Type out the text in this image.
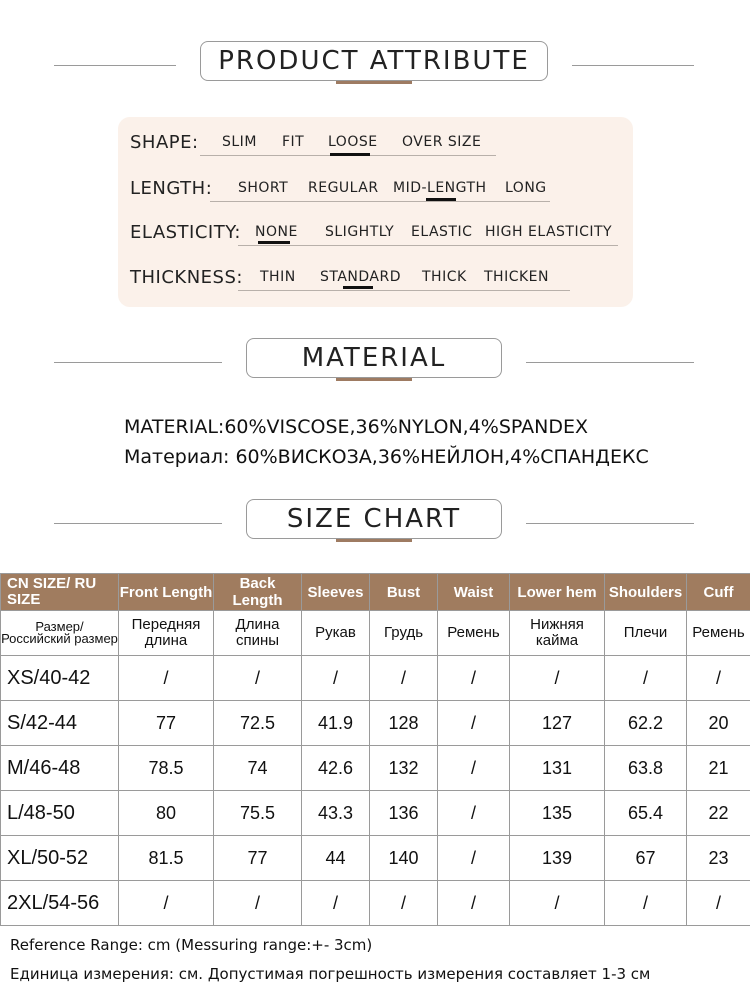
PRODUCT ATTRIBUTE
SHAPE: SLIM FIT LOOSE OVER SIZE
LENGTH: SHORT REGULAR MID-LENGTH LONG
ELASTICITY: NONE SLIGHTLY ELASTIC HIGH ELASTICITY
THICKNESS: THIN STANDARD THICK THICKEN
MATERIAL
MATERIAL:60%VISCOSE,36%NYLON,4%SPANDEX
Материал: 60%ВИСКОЗА,36%НЕЙЛОН,4%СПАНДЕКС
SIZE CHART
CN SIZE/ RU SIZE	Front Length	Back Length	Sleeves	Bust	Waist	Lower hem	Shoulders	Cuff
Размер/ Российский размер	Передняя длина	Длина спины	Рукав	Грудь	Ремень	Нижняя кайма	Плечи	Ремень
XS/40-42	/	/	/	/	/	/	/	/
S/42-44	77	72.5	41.9	128	/	127	62.2	20
M/46-48	78.5	74	42.6	132	/	131	63.8	21
L/48-50	80	75.5	43.3	136	/	135	65.4	22
XL/50-52	81.5	77	44	140	/	139	67	23
2XL/54-56	/	/	/	/	/	/	/	/
Reference Range: cm (Messuring range:+- 3cm)
Единица измерения: см. Допустимая погрешность измерения составляет 1-3 см
